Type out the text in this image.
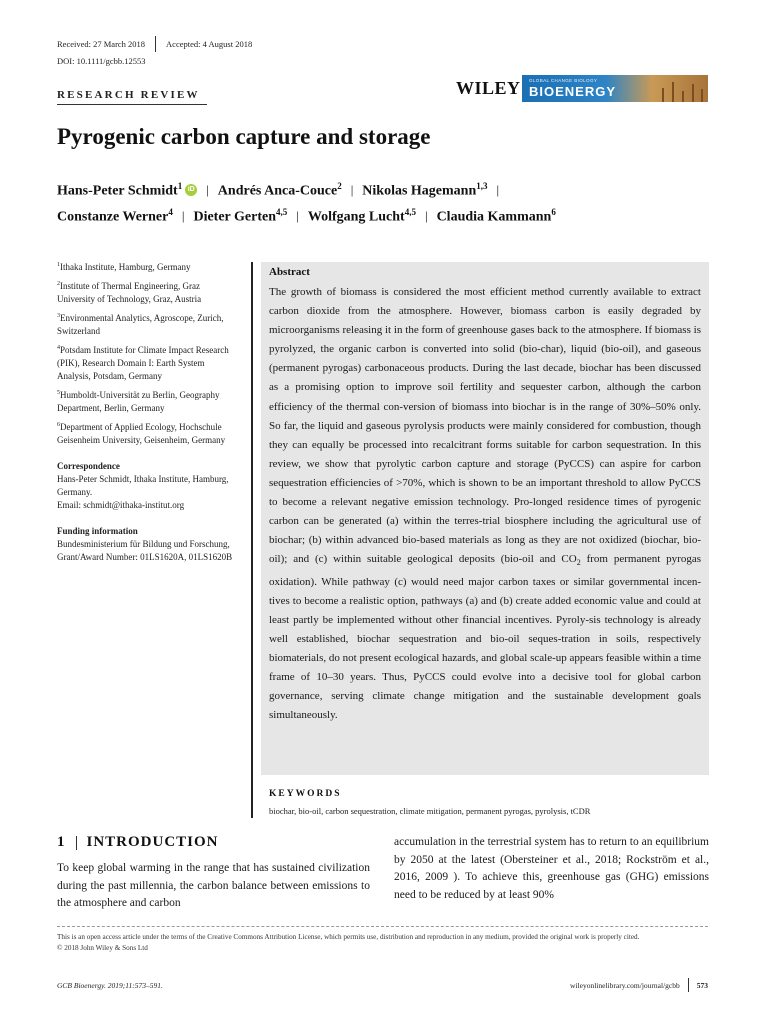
Received: 27 March 2018 Accepted: 4 August 2018
DOI: 10.1111/gcbb.12553
RESEARCH REVIEW	WILEY GLOBAL CHANGE BIOLOGY
BIOENERGY
Pyrogenic carbon capture and storage
Hans-Peter Schmidt$^1$ iD | Andrés Anca-Couce$^2$ | Nikolas Hagemann$^{1,3}$ |
Constanze Werner$^4$ | Dieter Gerten$^{4,5}$ | Wolfgang Lucht$^{4,5}$ | Claudia Kammann$^6$
$^1$Ithaka Institute, Hamburg, Germany
$^2$Institute of Thermal Engineering, Graz University of Technology, Graz, Austria
$^3$Environmental Analytics, Agroscope, Zurich, Switzerland
$^4$Potsdam Institute for Climate Impact Research (PIK), Research Domain I: Earth System Analysis, Potsdam, Germany
$^5$Humboldt-Universität zu Berlin, Geography Department, Berlin, Germany
$^6$Department of Applied Ecology, Hochschule Geisenheim University, Geisenheim, Germany
Correspondence
Hans-Peter Schmidt, Ithaka Institute, Hamburg, Germany.
Email: schmidt@ithaka-institut.org
Funding information
Bundesministerium für Bildung und Forschung, Grant/Award Number: 01LS1620A, 01LS1620B
Abstract
The growth of biomass is considered the most efficient method currently available to extract carbon dioxide from the atmosphere. However, biomass carbon is easily degraded by microorganisms releasing it in the form of greenhouse gases back to the atmosphere. If biomass is pyrolyzed, the organic carbon is converted into solid (bio-char), liquid (bio-oil), and gaseous (permanent pyrogas) carbonaceous products. During the last decade, biochar has been discussed as a promising option to improve soil fertility and sequester carbon, although the carbon efficiency of the thermal con-version of biomass into biochar is in the range of 30%–50% only. So far, the liquid and gaseous pyrolysis products were mainly considered for combustion, though they can equally be processed into recalcitrant forms suitable for carbon sequestration. In this review, we show that pyrolytic carbon capture and storage (PyCCS) can aspire for carbon sequestration efficiencies of >70%, which is shown to be an important threshold to allow PyCCS to become a relevant negative emission technology. Pro-longed residence times of pyrogenic carbon can be generated (a) within the terres-trial biosphere including the agricultural use of biochar; (b) within advanced bio-based materials as long as they are not oxidized (biochar, bio-oil); and (c) within suitable geological deposits (bio-oil and $CO_2$ from permanent pyrogas oxidation). While pathway (c) would need major carbon taxes or similar governmental incen-tives to become a realistic option, pathways (a) and (b) create added economic value and could at least partly be implemented without other financial incentives. Pyroly-sis technology is already well established, biochar sequestration and bio-oil seques-tration in soils, respectively biomaterials, do not present ecological hazards, and global scale-up appears feasible within a time frame of 10–30 years. Thus, PyCCS could evolve into a decisive tool for global carbon governance, serving climate change mitigation and the sustainable development goals simultaneously.
KEYWORDS
biochar, bio-oil, carbon sequestration, climate mitigation, permanent pyrogas, pyrolysis, tCDR
1 INTRODUCTION
To keep global warming in the range that has sustained civilization during the past millennia, the carbon balance between emissions to the atmosphere and carbon
accumulation in the terrestrial system has to return to an equilibrium by 2050 at the latest (Obersteiner et al., 2018; Rockström et al., 2016, 2009 ). To achieve this, greenhouse gas (GHG) emissions need to be reduced by at least 90%
This is an open access article under the terms of the Creative Commons Attribution License, which permits use, distribution and reproduction in any medium, provided the original work is properly cited.
© 2018 John Wiley & Sons Ltd
GCB Bioenergy. 2019;11:573–591.	wileyonlinelibrary.com/journal/gcbb 573
